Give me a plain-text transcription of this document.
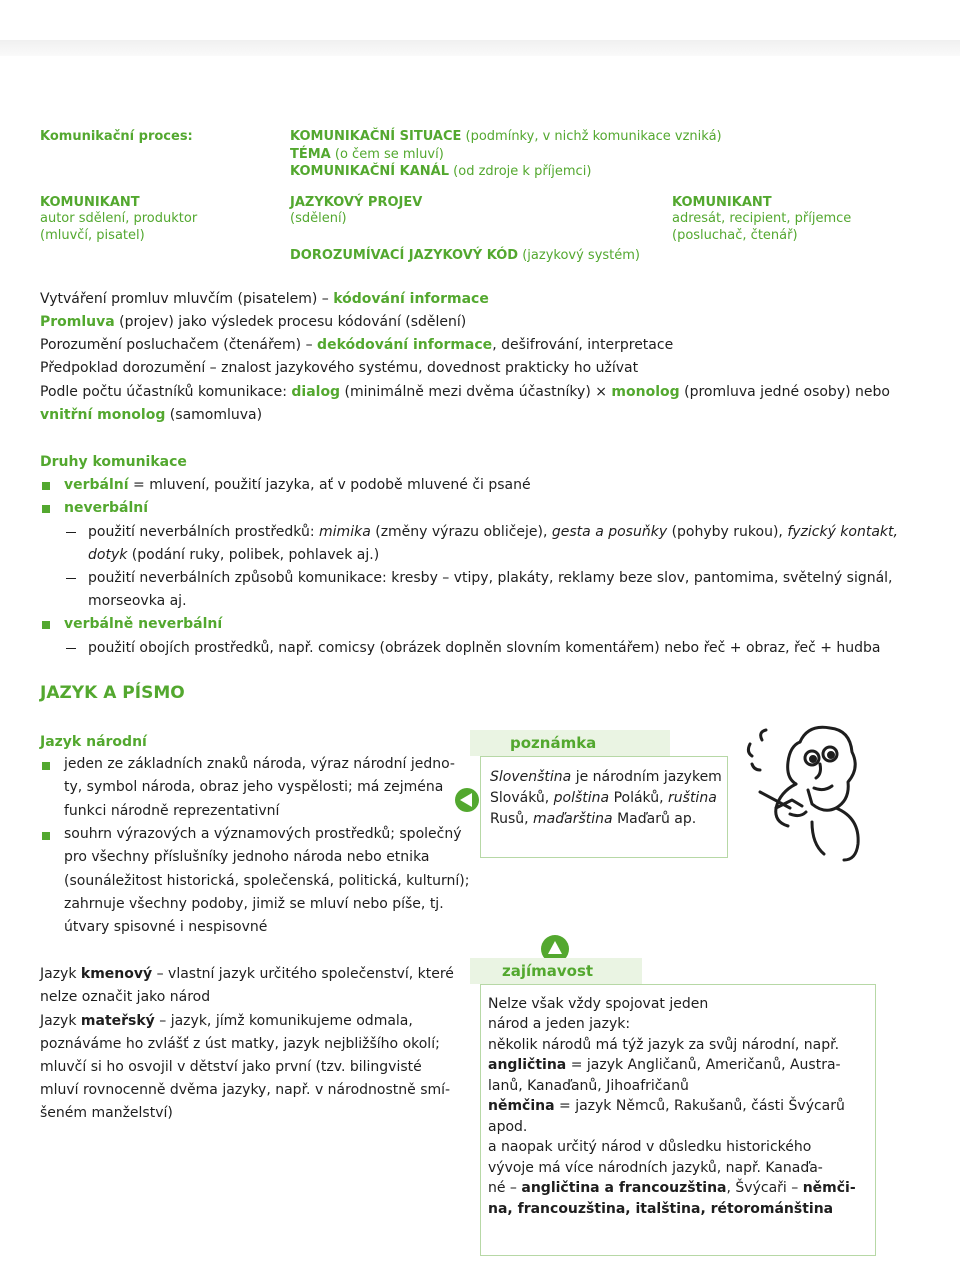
Komunikační proces:	KOMUNIKAČNÍ SITUACE (podmínky, v nichž komunikace vzniká)
TÉMA (o čem se mluví)
KOMUNIKAČNÍ KANÁL (od zdroje k příjemci)
KOMUNIKANT
autor sdělení, produktor
(mluvčí, pisatel)
JAZYKOVÝ PROJEV
(sdělení)
DOROZUMÍVACÍ JAZYKOVÝ KÓD (jazykový systém)
KOMUNIKANT
adresát, recipient, příjemce
(posluchač, čtenář)
Vytváření promluv mluvčím (pisatelem) – kódování informace
Promluva (projev) jako výsledek procesu kódování (sdělení)
Porozumění posluchačem (čtenářem) – dekódování informace, dešifrování, interpretace
Předpoklad dorozumění – znalost jazykového systému, dovednost prakticky ho užívat
Podle počtu účastníků komunikace: dialog (minimálně mezi dvěma účastníky) × monolog (promluva jedné osoby) nebo
vnitřní monolog (samomluva)
Druhy komunikace
verbální = mluvení, použití jazyka, ať v podobě mluvené či psané
neverbální
použití neverbálních prostředků: mimika (změny výrazu obličeje), gesta a posuňky (pohyby rukou), fyzický kontakt,
dotyk (podání ruky, polibek, pohlavek aj.)
použití neverbálních způsobů komunikace: kresby – vtipy, plakáty, reklamy beze slov, pantomima, světelný signál,
morseovka aj.
verbálně neverbální
použití obojích prostředků, např. comicsy (obrázek doplněn slovním komentářem) nebo řeč + obraz, řeč + hudba
JAZYK A PÍSMO
Jazyk národní
jeden ze základních znaků národa, výraz národní jedno-
ty, symbol národa, obraz jeho vyspělosti; má zejména
funkci národně reprezentativní
souhrn výrazových a významových prostředků; společný
pro všechny příslušníky jednoho národa nebo etnika
(sounáležitost historická, společenská, politická, kulturní);
zahrnuje všechny podoby, jimiž se mluví nebo píše, tj.
útvary spisovné i nespisovné
Jazyk kmenový – vlastní jazyk určitého společenství, které
nelze označit jako národ
Jazyk mateřský – jazyk, jímž komunikujeme odmala,
poznáváme ho zvlášť z úst matky, jazyk nejbližšího okolí;
mluvčí si ho osvojil v dětství jako první (tzv. bilingvisté
mluví rovnocenně dvěma jazyky, např. v národnostně smí-
šeném manželství)
poznámka
Slovenština je národním jazykem
Slováků, polština Poláků, ruština
Rusů, maďarština Maďarů ap.
zajímavost
Nelze však vždy spojovat jeden
národ a jeden jazyk:
několik národů má týž jazyk za svůj národní, např.
angličtina = jazyk Angličanů, Američanů, Austra-
lanů, Kanaďanů, Jihoafričanů
němčina = jazyk Němců, Rakušanů, části Švýcarů
apod.
a naopak určitý národ v důsledku historického
vývoje má více národních jazyků, např. Kanaďa-
né – angličtina a francouzština, Švýcaři – němči-
na, francouzština, italština, rétorománština
